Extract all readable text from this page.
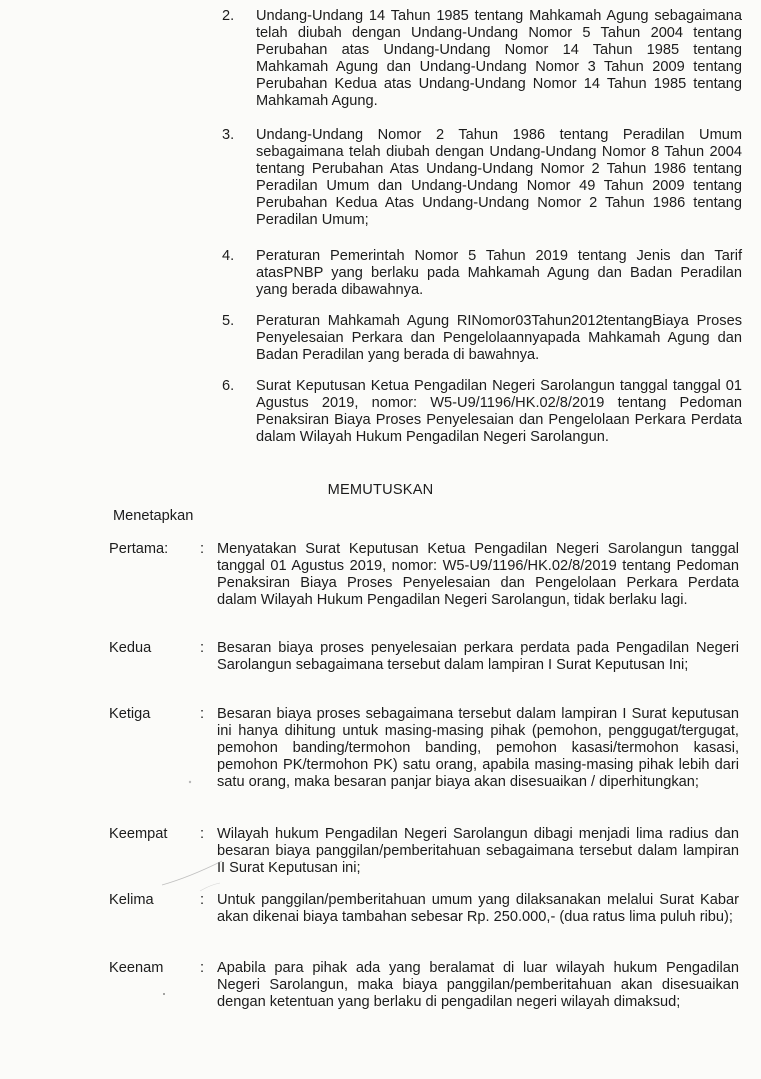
2. Undang-Undang 14 Tahun 1985 tentang Mahkamah Agung sebagaimana telah diubah dengan Undang-Undang Nomor 5 Tahun 2004 tentang Perubahan atas Undang-Undang Nomor 14 Tahun 1985 tentang Mahkamah Agung dan Undang-Undang Nomor 3 Tahun 2009 tentang Perubahan Kedua atas Undang-Undang Nomor 14 Tahun 1985 tentang Mahkamah Agung.
3. Undang-Undang Nomor 2 Tahun 1986 tentang Peradilan Umum sebagaimana telah diubah dengan Undang-Undang Nomor 8 Tahun 2004 tentang Perubahan Atas Undang-Undang Nomor 2 Tahun 1986 tentang Peradilan Umum dan Undang-Undang Nomor 49 Tahun 2009 tentang Perubahan Kedua Atas Undang-Undang Nomor 2 Tahun 1986 tentang Peradilan Umum;
4. Peraturan Pemerintah Nomor 5 Tahun 2019 tentang Jenis dan Tarif atasPNBP yang berlaku pada Mahkamah Agung dan Badan Peradilan yang berada dibawahnya.
5. Peraturan Mahkamah Agung RINomor03Tahun2012tentangBiaya Proses Penyelesaian Perkara dan Pengelolaannyapada Mahkamah Agung dan Badan Peradilan yang berada di bawahnya.
6. Surat Keputusan Ketua Pengadilan Negeri Sarolangun tanggal tanggal 01 Agustus 2019, nomor: W5-U9/1196/HK.02/8/2019 tentang Pedoman Penaksiran Biaya Proses Penyelesaian dan Pengelolaan Perkara Perdata dalam Wilayah Hukum Pengadilan Negeri Sarolangun.
MEMUTUSKAN
Menetapkan
Pertama: : Menyatakan Surat Keputusan Ketua Pengadilan Negeri Sarolangun tanggal tanggal 01 Agustus 2019, nomor: W5-U9/1196/HK.02/8/2019 tentang Pedoman Penaksiran Biaya Proses Penyelesaian dan Pengelolaan Perkara Perdata dalam Wilayah Hukum Pengadilan Negeri Sarolangun, tidak berlaku lagi.
Kedua	: Besaran biaya proses penyelesaian perkara perdata pada Pengadilan Negeri Sarolangun sebagaimana tersebut dalam lampiran I Surat Keputusan Ini;
Ketiga	: Besaran biaya proses sebagaimana tersebut dalam lampiran I Surat keputusan ini hanya dihitung untuk masing-masing pihak (pemohon, penggugat/tergugat, pemohon banding/termohon banding, pemohon kasasi/termohon kasasi, pemohon PK/termohon PK) satu orang, apabila masing-masing pihak lebih dari satu orang, maka besaran panjar biaya akan disesuaikan / diperhitungkan;
Keempat : Wilayah hukum Pengadilan Negeri Sarolangun dibagi menjadi lima radius dan besaran biaya panggilan/pemberitahuan sebagaimana tersebut dalam lampiran II Surat Keputusan ini;
Kelima	: Untuk panggilan/pemberitahuan umum yang dilaksanakan melalui Surat Kabar akan dikenai biaya tambahan sebesar Rp. 250.000,- (dua ratus lima puluh ribu);
Keenam	: Apabila para pihak ada yang beralamat di luar wilayah hukum Pengadilan Negeri Sarolangun, maka biaya panggilan/pemberitahuan akan disesuaikan dengan ketentuan yang berlaku di pengadilan negeri wilayah dimaksud;
